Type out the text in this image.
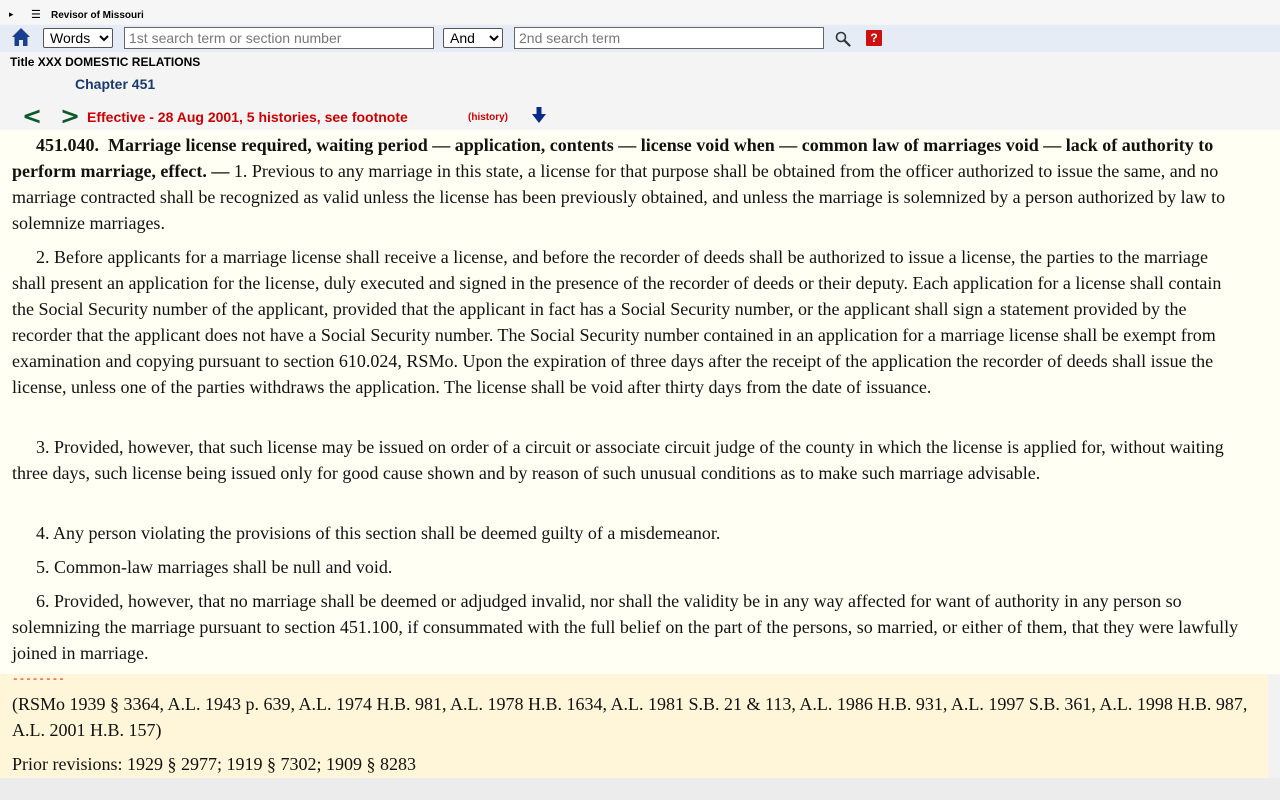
▸ ☰ Revisor of Missouri
Words
1st search term or section number
And
2nd search term
?
Title XXX DOMESTIC RELATIONS
Chapter 451
< > Effective - 28 Aug 2001, 5 histories, see footnote	(history)

451.040. Marriage license required, waiting period — application, contents — license void when — common law of marriages void — lack of authority to perform marriage, effect. — 1. Previous to any marriage in this state, a license for that purpose shall be obtained from the officer authorized to issue the same, and no marriage contracted shall be recognized as valid unless the license has been previously obtained, and unless the marriage is solemnized by a person authorized by law to solemnize marriages.

2. Before applicants for a marriage license shall receive a license, and before the recorder of deeds shall be authorized to issue a license, the parties to the marriage shall present an application for the license, duly executed and signed in the presence of the recorder of deeds or their deputy. Each application for a license shall contain the Social Security number of the applicant, provided that the applicant in fact has a Social Security number, or the applicant shall sign a statement provided by the recorder that the applicant does not have a Social Security number. The Social Security number contained in an application for a marriage license shall be exempt from examination and copying pursuant to section 610.024, RSMo. Upon the expiration of three days after the receipt of the application the recorder of deeds shall issue the license, unless one of the parties withdraws the application. The license shall be void after thirty days from the date of issuance.

3. Provided, however, that such license may be issued on order of a circuit or associate circuit judge of the county in which the license is applied for, without waiting three days, such license being issued only for good cause shown and by reason of such unusual conditions as to make such marriage advisable.

4. Any person violating the provisions of this section shall be deemed guilty of a misdemeanor.

5. Common-law marriages shall be null and void.

6. Provided, however, that no marriage shall be deemed or adjudged invalid, nor shall the validity be in any way affected for want of authority in any person so solemnizing the marriage pursuant to section 451.100, if consummated with the full belief on the part of the persons, so married, or either of them, that they were lawfully joined in marriage.

--------
(RSMo 1939 § 3364, A.L. 1943 p. 639, A.L. 1974 H.B. 981, A.L. 1978 H.B. 1634, A.L. 1981 S.B. 21 & 113, A.L. 1986 H.B. 931, A.L. 1997 S.B. 361, A.L. 1998 H.B. 987, A.L. 2001 H.B. 157)
Prior revisions: 1929 § 2977; 1919 § 7302; 1909 § 8283
